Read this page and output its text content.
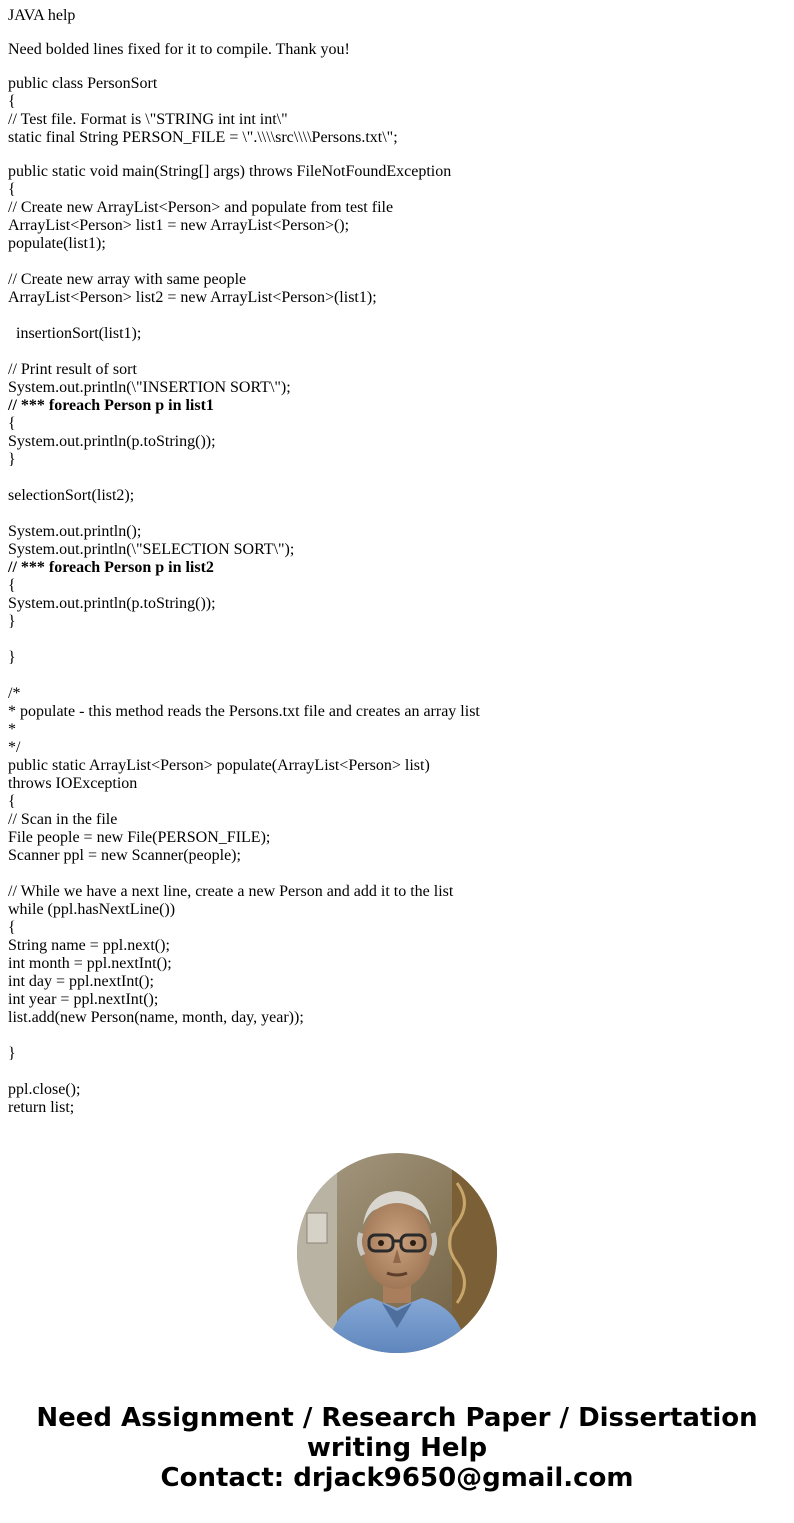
JAVA help
Need bolded lines fixed for it to compile. Thank you!
public class PersonSort
{
// Test file. Format is \"STRING int int int\"
static final String PERSON_FILE = \".\\\\src\\\\Persons.txt\";
public static void main(String[] args) throws FileNotFoundException
{
// Create new ArrayList<Person> and populate from test file
ArrayList<Person> list1 = new ArrayList<Person>();
populate(list1);

// Create new array with same people
ArrayList<Person> list2 = new ArrayList<Person>(list1);

insertionSort(list1);

// Print result of sort
System.out.println(\"INSERTION SORT\");
// *** foreach Person p in list1
{
System.out.println(p.toString());
}

selectionSort(list2);

System.out.println();
System.out.println(\"SELECTION SORT\");
// *** foreach Person p in list2
{
System.out.println(p.toString());
}

}

/*
* populate - this method reads the Persons.txt file and creates an array list
*
*/
public static ArrayList<Person> populate(ArrayList<Person> list)
throws IOException
{
// Scan in the file
File people = new File(PERSON_FILE);
Scanner ppl = new Scanner(people);

// While we have a next line, create a new Person and add it to the list
while (ppl.hasNextLine())
{
String name = ppl.next();
int month = ppl.nextInt();
int day = ppl.nextInt();
int year = ppl.nextInt();
list.add(new Person(name, month, day, year));

}

ppl.close();
return list;
Need Assignment / Research Paper / Dissertation
writing Help
Contact: drjack9650@gmail.com
